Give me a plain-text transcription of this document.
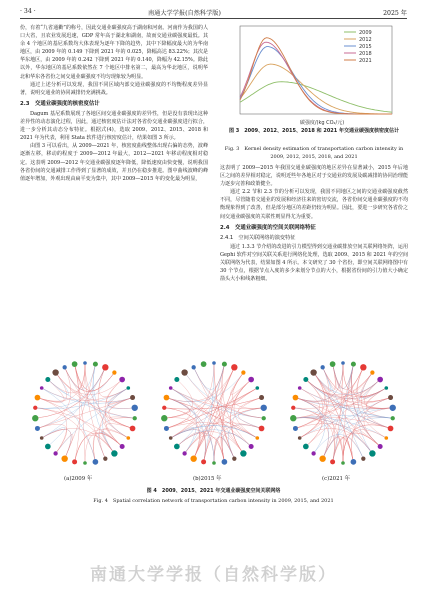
· 34 ·	南通大学学报(自然科学版)	2025 年

份，有着“九省通衢”的称号，因此交通业碳强度高于湖南和河南。河南作为我国的人口大省，且农业发展迅速，GDP 常年高于湖北和湖南，故而交通业碳强度最低。其余 4 个地区的基尼系数均大体表现为逐年下降的趋势，其中下降幅度最大的为华南地区，由 2009 年的 0.149 下降到 2021 年的 0.025，降幅高达 83.22%；其次是华东地区，由 2009 年的 0.242 下降到 2021 年的 0.140，降幅为 42.15%。除此以外，华东地区的基尼系数依然在 7 个地区中排名第二，最高为华北地区，说明华北和华东各省份之间交通业碳强度不均匀现象较为明显。

通过上述分析可以发现，我国不同区域内部交通业碳强度的不均衡程度差异显著，说明交通业的协同减排仍充满挑战。

2.3　交通业碳强度的核密度估计

Dagum 基尼系数展现了各地区间交通业碳强度的差异性，但是没有表现出这种差异性的动态演化过程，因此，通过核密度估计法对各省份交通业碳强度进行拟合，进一步分析其动态分布特征。根据式(4)，选取 2009、2012、2015、2018 和 2021 年为代表，利用 Stata 软件进行核密度估计，结果如图 3 所示。

由图 3 可以看出，从 2009—2021 年，核密度曲线整体出现右偏的态势，波峰逐渐左移，移动的程度于 2009—2012 年最大，2012—2021 年移动程度相对稳定。这表明 2009—2012 年交通业碳强度逐年降低，降低速度由快变慢，说明我国各省份间的交通减排工作得到了显著的成效，并且仍在稳步推进。图中曲线波峰的峰值逐年增加，外观出现由扁平变为集中，其中 2009—2015 年的变化最为明显，

2009
2012
2015
2018
2021
碳强度/(kg CO₂/元)
图 3　2009、2012、2015、2018 和 2021 年交通业碳强度核密度估计
Fig. 3　Kernel density estimation of transportation carbon intensity in 2009, 2012, 2015, 2018, and 2021

这表明了 2009—2015 年我国交通业碳强度的地区差异在显著减小，2015 年后地区之间的差异相对稳定，说明近些年各地区对于交通业的发展及碳减排的协同治理能力逐步完善和政策健全。

通过 2.2 节和 2.3 节的分析可以发现，我国不同地区之间的交通业碳强度截然不同，尽管随着交通业的发展和经济往来的密切交流，各省份间交通业碳强度的不均衡现象得到了改善，但是部分地区的差距仍较为明显。因此，要进一步研究各省份之间交通业碳强度的关联性则显得尤为重要。

2.4　交通业碳强度的空间关联网络特征

2.4.1　空间关联网络的演变特征

通过 1.3.3 节介绍的改进的引力模型得到交通业碳排放空间关联网络矩阵，运用 Gephi 软件对空间关联关系进行网络化处理，选取 2009、2015 和 2021 年的空间关联网络为代表，结果如图 4 所示。本文研究了 30 个省份，即空间关联网络图中有 30 个节点，根据节点入度的多少来划分节点的大小，根据省份间的引力值大小确定箭头大小和线条粗细。

(a)2009 年	(b)2015 年	(c)2021 年
图 4　2009、2015、2021 年交通业碳强度空间关联网络
Fig. 4　Spatial correlation network of transportation carbon intensity in 2009, 2015, and 2021
南通大学学报（自然科学版）
